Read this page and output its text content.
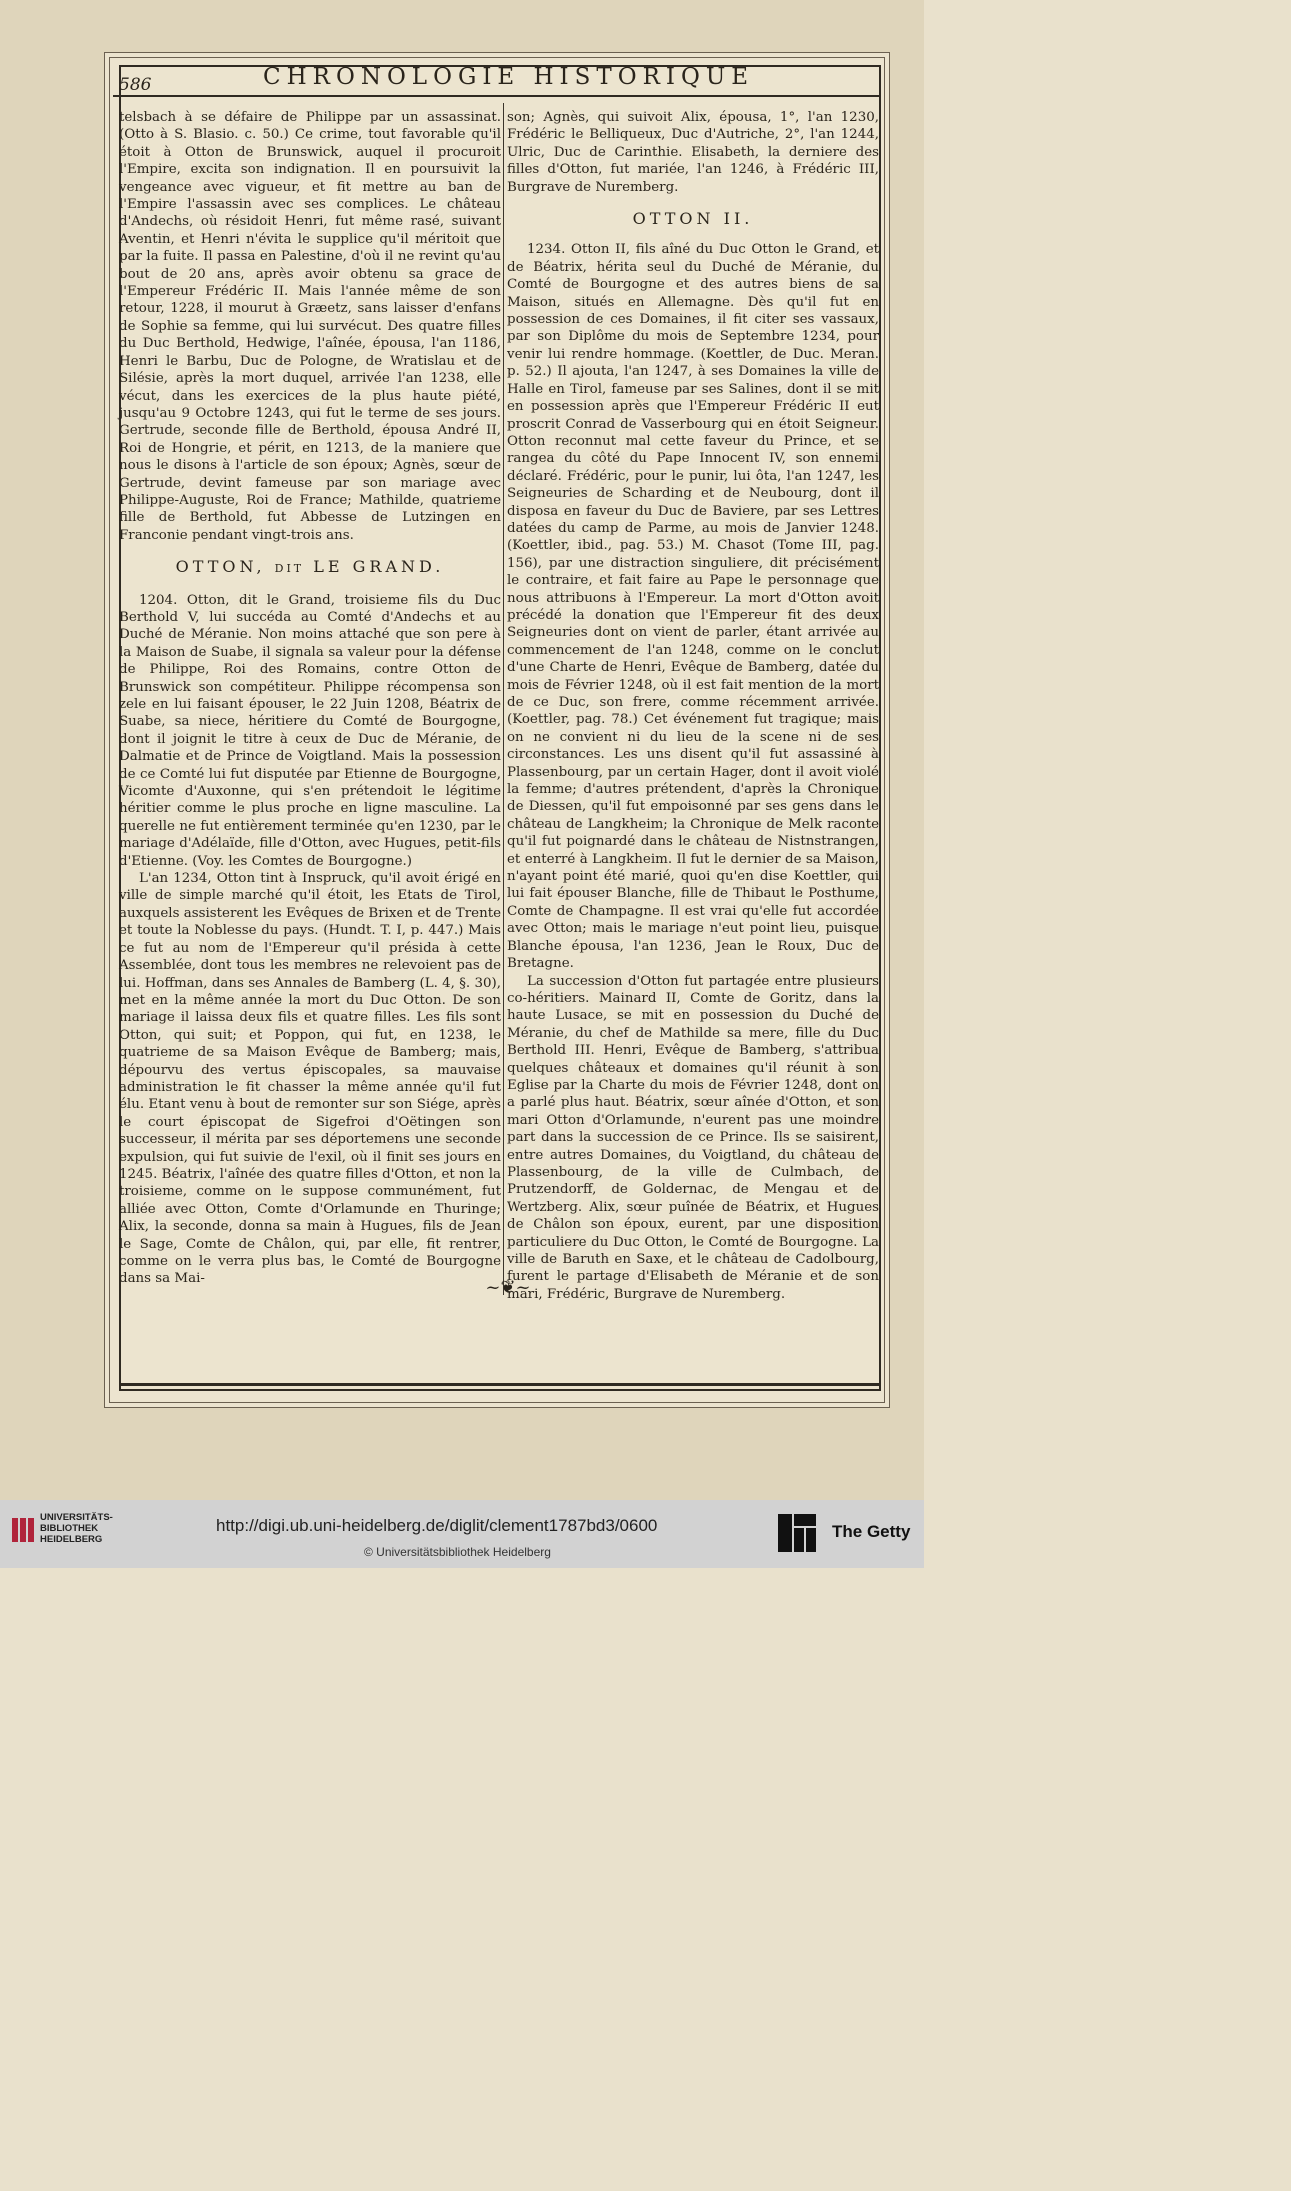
586	CHRONOLOGIE HISTORIQUE

telsbach à se défaire de Philippe par un assassinat. (Otto à S. Blasio. c. 50.) Ce crime, tout favorable qu'il étoit à Otton de Brunswick, auquel il procuroit l'Empire, excita son indignation. Il en poursuivit la vengeance avec vigueur, et fit mettre au ban de l'Empire l'assassin avec ses complices. Le château d'Andechs, où résidoit Henri, fut même rasé, suivant Aventin, et Henri n'évita le supplice qu'il méritoit que par la fuite. Il passa en Palestine, d'où il ne revint qu'au bout de 20 ans, après avoir obtenu sa grace de l'Empereur Frédéric II. Mais l'année même de son retour, 1228, il mourut à Græetz, sans laisser d'enfans de Sophie sa femme, qui lui survécut. Des quatre filles du Duc Berthold, Hedwige, l'aînée, épousa, l'an 1186, Henri le Barbu, Duc de Pologne, de Wratislau et de Silésie, après la mort duquel, arrivée l'an 1238, elle vécut, dans les exercices de la plus haute piété, jusqu'au 9 Octobre 1243, qui fut le terme de ses jours. Gertrude, seconde fille de Berthold, épousa André II, Roi de Hongrie, et périt, en 1213, de la maniere que nous le disons à l'article de son époux; Agnès, sœur de Gertrude, devint fameuse par son mariage avec Philippe-Auguste, Roi de France; Mathilde, quatrieme fille de Berthold, fut Abbesse de Lutzingen en Franconie pendant vingt-trois ans.

OTTON, DIT LE GRAND.

1204. Otton, dit le Grand, troisieme fils du Duc Berthold V, lui succéda au Comté d'Andechs et au Duché de Méranie. Non moins attaché que son pere à la Maison de Suabe, il signala sa valeur pour la défense de Philippe, Roi des Romains, contre Otton de Brunswick son compétiteur. Philippe récompensa son zele en lui faisant épouser, le 22 Juin 1208, Béatrix de Suabe, sa niece, héritiere du Comté de Bourgogne, dont il joignit le titre à ceux de Duc de Méranie, de Dalmatie et de Prince de Voigtland. Mais la possession de ce Comté lui fut disputée par Etienne de Bourgogne, Vicomte d'Auxonne, qui s'en prétendoit le légitime héritier comme le plus proche en ligne masculine. La querelle ne fut entièrement terminée qu'en 1230, par le mariage d'Adélaïde, fille d'Otton, avec Hugues, petit-fils d'Etienne. (Voy. les Comtes de Bourgogne.)

L'an 1234, Otton tint à Inspruck, qu'il avoit érigé en ville de simple marché qu'il étoit, les Etats de Tirol, auxquels assisterent les Evêques de Brixen et de Trente et toute la Noblesse du pays. (Hundt. T. I, p. 447.) Mais ce fut au nom de l'Empereur qu'il présida à cette Assemblée, dont tous les membres ne relevoient pas de lui. Hoffman, dans ses Annales de Bamberg (L. 4, §. 30), met en la même année la mort du Duc Otton. De son mariage il laissa deux fils et quatre filles. Les fils sont Otton, qui suit; et Poppon, qui fut, en 1238, le quatrieme de sa Maison Evêque de Bamberg; mais, dépourvu des vertus épiscopales, sa mauvaise administration le fit chasser la même année qu'il fut élu. Etant venu à bout de remonter sur son Siége, après le court épiscopat de Sigefroi d'Oëtingen son successeur, il mérita par ses déportemens une seconde expulsion, qui fut suivie de l'exil, où il finit ses jours en 1245. Béatrix, l'aînée des quatre filles d'Otton, et non la troisieme, comme on le suppose communément, fut alliée avec Otton, Comte d'Orlamunde en Thuringe; Alix, la seconde, donna sa main à Hugues, fils de Jean le Sage, Comte de Châlon, qui, par elle, fit rentrer, comme on le verra plus bas, le Comté de Bourgogne dans sa Mai-

son; Agnès, qui suivoit Alix, épousa, 1°, l'an 1230, Frédéric le Belliqueux, Duc d'Autriche, 2°, l'an 1244, Ulric, Duc de Carinthie. Elisabeth, la derniere des filles d'Otton, fut mariée, l'an 1246, à Frédéric III, Burgrave de Nuremberg.

OTTON II.

1234. Otton II, fils aîné du Duc Otton le Grand, et de Béatrix, hérita seul du Duché de Méranie, du Comté de Bourgogne et des autres biens de sa Maison, situés en Allemagne. Dès qu'il fut en possession de ces Domaines, il fit citer ses vassaux, par son Diplôme du mois de Septembre 1234, pour venir lui rendre hommage. (Koettler, de Duc. Meran. p. 52.) Il ajouta, l'an 1247, à ses Domaines la ville de Halle en Tirol, fameuse par ses Salines, dont il se mit en possession après que l'Empereur Frédéric II eut proscrit Conrad de Vasserbourg qui en étoit Seigneur. Otton reconnut mal cette faveur du Prince, et se rangea du côté du Pape Innocent IV, son ennemi déclaré. Frédéric, pour le punir, lui ôta, l'an 1247, les Seigneuries de Scharding et de Neubourg, dont il disposa en faveur du Duc de Baviere, par ses Lettres datées du camp de Parme, au mois de Janvier 1248. (Koettler, ibid., pag. 53.) M. Chasot (Tome III, pag. 156), par une distraction singuliere, dit précisément le contraire, et fait faire au Pape le personnage que nous attribuons à l'Empereur. La mort d'Otton avoit précédé la donation que l'Empereur fit des deux Seigneuries dont on vient de parler, étant arrivée au commencement de l'an 1248, comme on le conclut d'une Charte de Henri, Evêque de Bamberg, datée du mois de Février 1248, où il est fait mention de la mort de ce Duc, son frere, comme récemment arrivée. (Koettler, pag. 78.) Cet événement fut tragique; mais on ne convient ni du lieu de la scene ni de ses circonstances. Les uns disent qu'il fut assassiné à Plassenbourg, par un certain Hager, dont il avoit violé la femme; d'autres prétendent, d'après la Chronique de Diessen, qu'il fut empoisonné par ses gens dans le château de Langkheim; la Chronique de Melk raconte qu'il fut poignardé dans le château de Nistnstrangen, et enterré à Langkheim. Il fut le dernier de sa Maison, n'ayant point été marié, quoi qu'en dise Koettler, qui lui fait épouser Blanche, fille de Thibaut le Posthume, Comte de Champagne. Il est vrai qu'elle fut accordée avec Otton; mais le mariage n'eut point lieu, puisque Blanche épousa, l'an 1236, Jean le Roux, Duc de Bretagne.

La succession d'Otton fut partagée entre plusieurs co-héritiers. Mainard II, Comte de Goritz, dans la haute Lusace, se mit en possession du Duché de Méranie, du chef de Mathilde sa mere, fille du Duc Berthold III. Henri, Evêque de Bamberg, s'attribua quelques châteaux et domaines qu'il réunit à son Eglise par la Charte du mois de Février 1248, dont on a parlé plus haut. Béatrix, sœur aînée d'Otton, et son mari Otton d'Orlamunde, n'eurent pas une moindre part dans la succession de ce Prince. Ils se saisirent, entre autres Domaines, du Voigtland, du château de Plassenbourg, de la ville de Culmbach, de Prutzendorff, de Goldernac, de Mengau et de Wertzberg. Alix, sœur puînée de Béatrix, et Hugues de Châlon son époux, eurent, par une disposition particuliere du Duc Otton, le Comté de Bourgogne. La ville de Baruth en Saxe, et le château de Cadolbourg, furent le partage d'Elisabeth de Méranie et de son mari, Frédéric, Burgrave de Nuremberg.

~❦~
UNIVERSITÄTS-
BIBLIOTHEK
HEIDELBERG
http://digi.ub.uni-heidelberg.de/diglit/clement1787bd3/0600
© Universitätsbibliothek Heidelberg
The Getty
